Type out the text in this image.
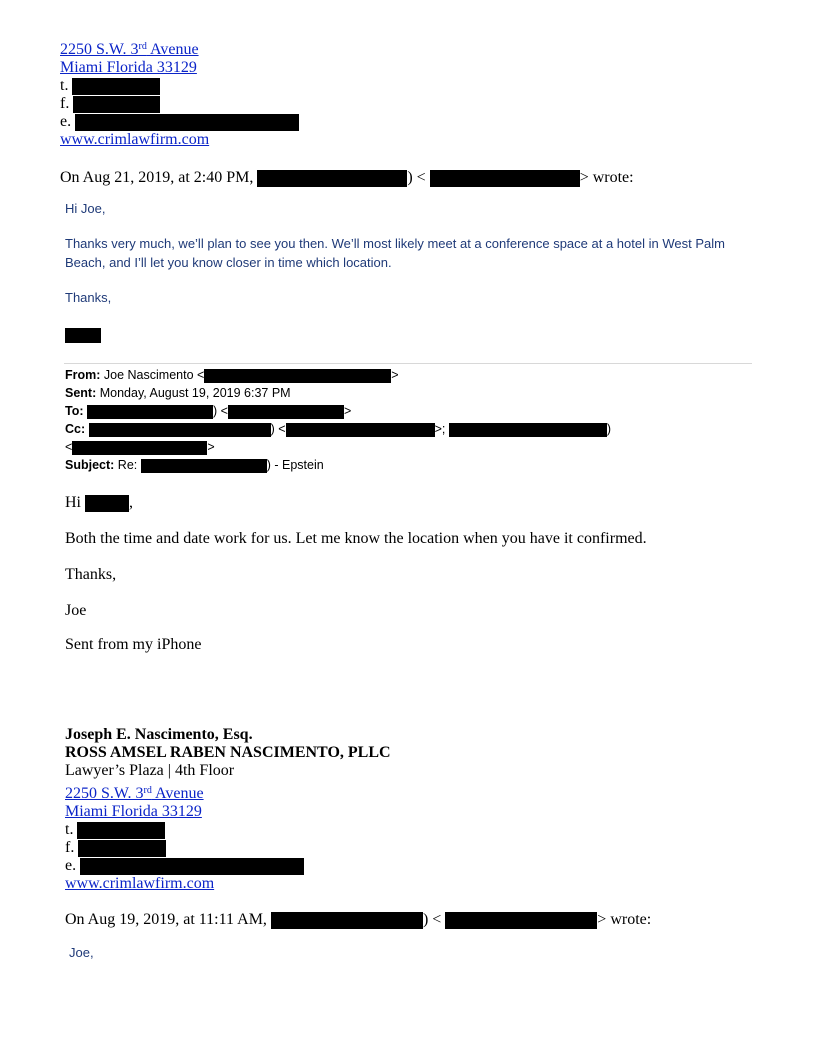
2250 S.W. 3rd Avenue
Miami Florida 33129
t.
f.
e.
www.crimlawfirm.com
On Aug 21, 2019, at 2:40 PM,	) <	> wrote:
Hi Joe,
Thanks very much, we’ll plan to see you then. We’ll most likely meet at a conference space at a hotel in West Palm
Beach, and I’ll let you know closer in time which location.
Thanks,
From: Joe Nascimento <	>
Sent: Monday, August 19, 2019 6:37 PM
To:	) <	>
Cc:	) <	>;	)
<	>
Subject: Re:	) - Epstein
Hi	,
Both the time and date work for us. Let me know the location when you have it confirmed.
Thanks,
Joe
Sent from my iPhone
Joseph E. Nascimento, Esq.
ROSS AMSEL RABEN NASCIMENTO, PLLC
Lawyer’s Plaza | 4th Floor
2250 S.W. 3rd Avenue
Miami Florida 33129
t.
f.
e.
www.crimlawfirm.com
On Aug 19, 2019, at 11:11 AM,	) <	> wrote:
Joe,
